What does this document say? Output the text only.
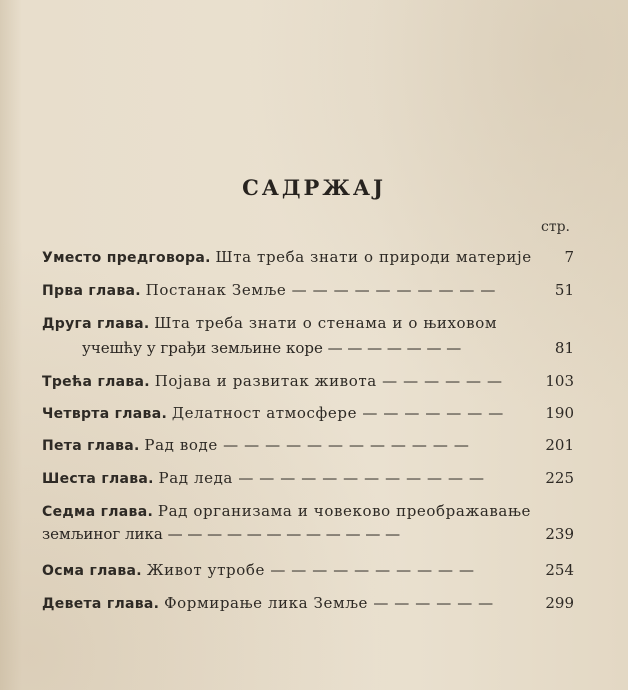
САДРЖАЈ
стр.
Уместо предговора. Шта треба знати о природи материје 7
Прва глава. Постанак Земље — — — — — — — — — —	51
Друга глава. Шта треба знати о стенама и о њиховом
учешћу у грађи земљине коре — — — — — — —	81
Трећа глава. Појава и развитак живота — — — — — —	103
Четврта глава. Делатност атмосфере — — — — — — —	190
Пета глава. Рад воде — — — — — — — — — — — —	201
Шеста глава. Рад леда — — — — — — — — — — — —	225
Седма глава. Рад организама и човеково преображавање
земљиног лика — — — — — — — — — — — —	239
Осма глава. Живот утробе — — — — — — — — — —	254
Девета глава. Формирање лика Земље — — — — — —	299
